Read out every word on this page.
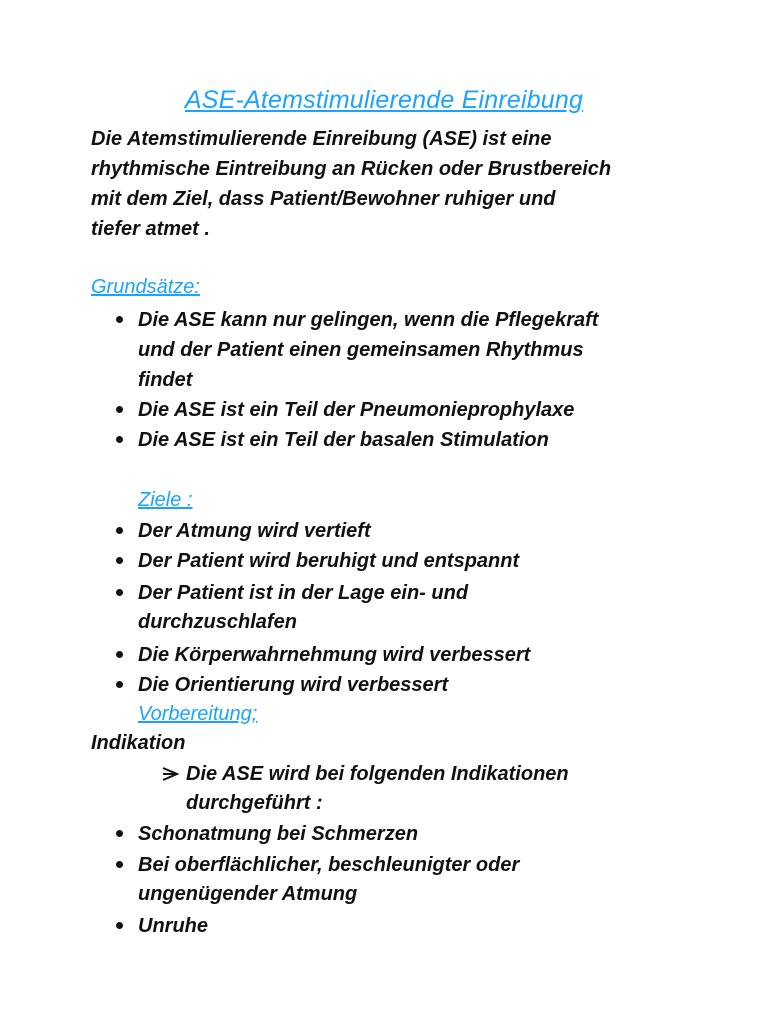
ASE-Atemstimulierende Einreibung
Die Atemstimulierende Einreibung (ASE) ist eine
rhythmische Eintreibung an Rücken oder Brustbereich
mit dem Ziel, dass Patient/Bewohner ruhiger und
tiefer atmet .
Grundsätze:
Die ASE kann nur gelingen, wenn die Pflegekraft
und der Patient einen gemeinsamen Rhythmus
findet
Die ASE ist ein Teil der Pneumonieprophylaxe
Die ASE ist ein Teil der basalen Stimulation
Ziele :
Der Atmung wird vertieft
Der Patient wird beruhigt und entspannt
Der Patient ist in der Lage ein- und
durchzuschlafen
Die Körperwahrnehmung wird verbessert
Die Orientierung wird verbessert
Vorbereitung;
Indikation
Die ASE wird bei folgenden Indikationen
durchgeführt :
Schonatmung bei Schmerzen
Bei oberflächlicher, beschleunigter oder
ungenügender Atmung
Unruhe
